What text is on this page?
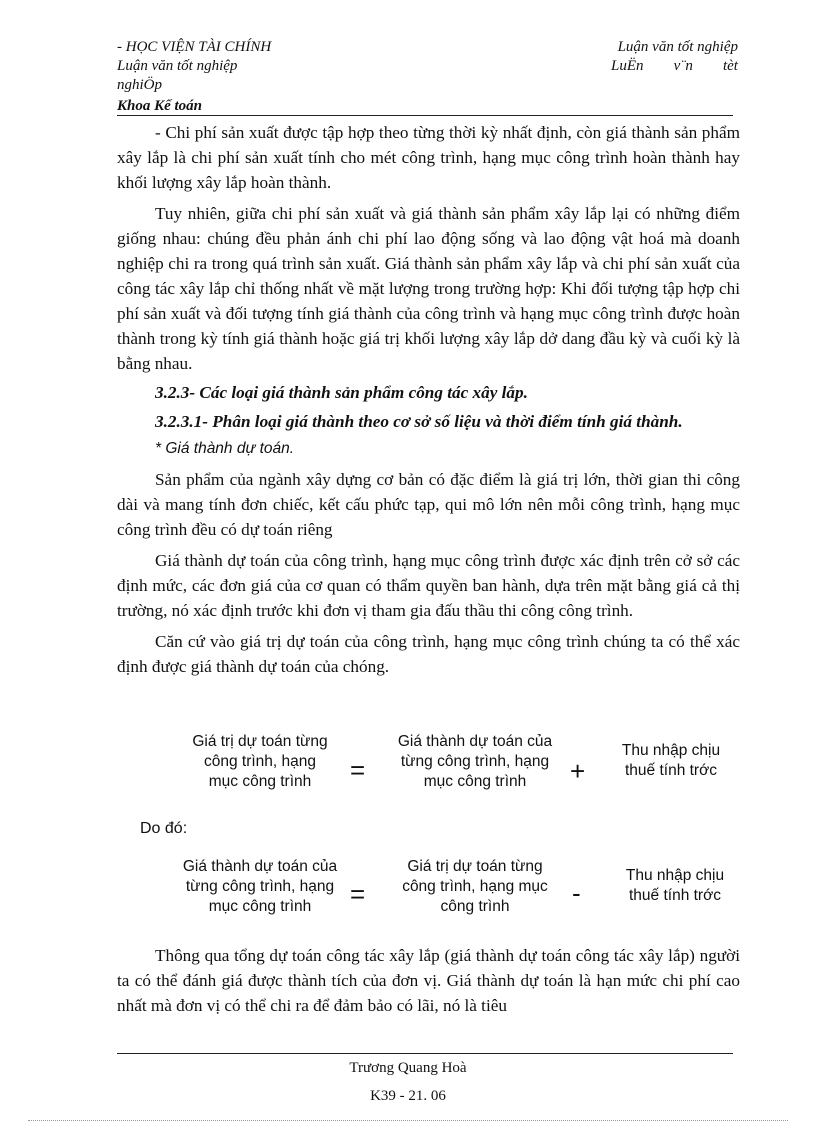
- HỌC VIỆN TÀI CHÍNH
Luận văn tốt nghiệp
nghiÖp
Luận văn tốt nghiệp
LuËn v¨n tèt
Khoa Kế toán

- Chi phí sản xuất được tập hợp theo từng thời kỳ nhất định, còn giá thành sản phẩm xây lắp là chi phí sản xuất tính cho mét công trình, hạng mục công trình hoàn thành hay khối lượng xây lắp hoàn thành.

Tuy nhiên, giữa chi phí sản xuất và giá thành sản phẩm xây lắp lại có những điểm giống nhau: chúng đều phản ánh chi phí lao động sống và lao động vật hoá mà doanh nghiệp chi ra trong quá trình sản xuất. Giá thành sản phẩm xây lắp và chi phí sản xuất của công tác xây lắp chỉ thống nhất về mặt lượng trong trường hợp: Khi đối tượng tập hợp chi phí sản xuất và đối tượng tính giá thành của công trình và hạng mục công trình được hoàn thành trong kỳ tính giá thành hoặc giá trị khối lượng xây lắp dở dang đầu kỳ và cuối kỳ là bằng nhau.

3.2.3- Các loại giá thành sản phẩm công tác xây lắp.

3.2.3.1- Phân loại giá thành theo cơ sở số liệu và thời điểm tính giá thành.

* Giá thành dự toán.

Sản phẩm của ngành xây dựng cơ bản có đặc điểm là giá trị lớn, thời gian thi công dài và mang tính đơn chiếc, kết cấu phức tạp, qui mô lớn nên mỗi công trình, hạng mục công trình đều có dự toán riêng

Giá thành dự toán của công trình, hạng mục công trình được xác định trên cở sở các định mức, các đơn giá của cơ quan có thẩm quyền ban hành, dựa trên mặt bằng giá cả thị trường, nó xác định trước khi đơn vị tham gia đấu thầu thi công công trình.

Căn cứ vào giá trị dự toán của công trình, hạng mục công trình chúng ta có thể xác định được giá thành dự toán của chóng.

Giá trị dự toán từng
công trình, hạng
mục công trình	=
Giá thành dự toán của
từng công trình, hạng
mục công trình	+
Thu nhập chịu
thuế tính trớc
Do đó:
Giá thành dự toán của
từng công trình, hạng
mục công trình	=
Giá trị dự toán từng
công trình, hạng mục
công trình	-
Thu nhập chịu
thuế tính trớc

Thông qua tổng dự toán công tác xây lắp (giá thành dự toán công tác xây lắp) người ta có thể đánh giá được thành tích của đơn vị. Giá thành dự toán là hạn mức chi phí cao nhất mà đơn vị có thể chi ra để đảm bảo có lãi, nó là tiêu

Trương Quang Hoà
K39 - 21. 06
